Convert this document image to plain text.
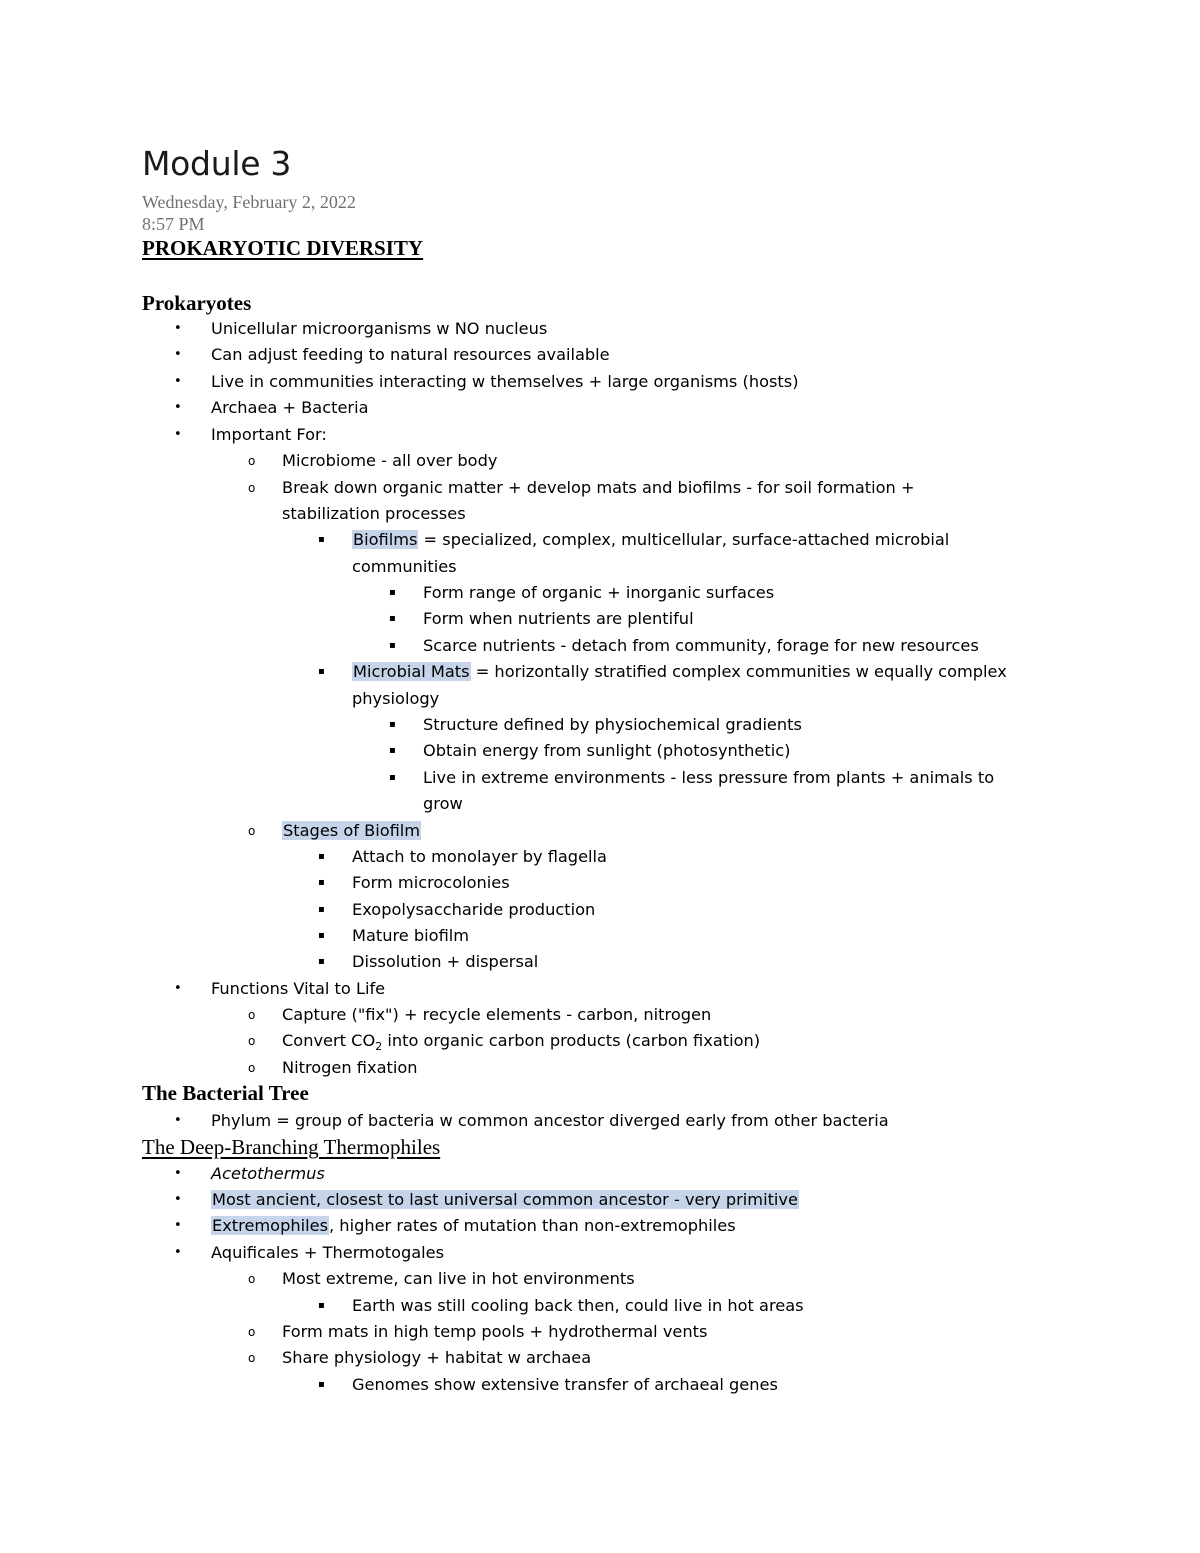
Module 3
Wednesday, February 2, 2022
8:57 PM
PROKARYOTIC DIVERSITY
Prokaryotes
• Unicellular microorganisms w NO nucleus
• Can adjust feeding to natural resources available
• Live in communities interacting w themselves + large organisms (hosts)
• Archaea + Bacteria
• Important For:
o Microbiome - all over body
o Break down organic matter + develop mats and biofilms - for soil formation +
stabilization processes
▪ Biofilms = specialized, complex, multicellular, surface-attached microbial
communities
▪ Form range of organic + inorganic surfaces
▪ Form when nutrients are plentiful
▪ Scarce nutrients - detach from community, forage for new resources
▪ Microbial Mats = horizontally stratified complex communities w equally complex
physiology
▪ Structure defined by physiochemical gradients
▪ Obtain energy from sunlight (photosynthetic)
▪ Live in extreme environments - less pressure from plants + animals to
grow
o Stages of Biofilm
▪ Attach to monolayer by flagella
▪ Form microcolonies
▪ Exopolysaccharide production
▪ Mature biofilm
▪ Dissolution + dispersal
• Functions Vital to Life
o Capture ("fix") + recycle elements - carbon, nitrogen
o Convert $CO_2$ into organic carbon products (carbon fixation)
o Nitrogen fixation
The Bacterial Tree
• Phylum = group of bacteria w common ancestor diverged early from other bacteria
The Deep-Branching Thermophiles
• Acetothermus
• Most ancient, closest to last universal common ancestor - very primitive
• Extremophiles, higher rates of mutation than non-extremophiles
• Aquificales + Thermotogales
o Most extreme, can live in hot environments
▪ Earth was still cooling back then, could live in hot areas
o Form mats in high temp pools + hydrothermal vents
o Share physiology + habitat w archaea
▪ Genomes show extensive transfer of archaeal genes
